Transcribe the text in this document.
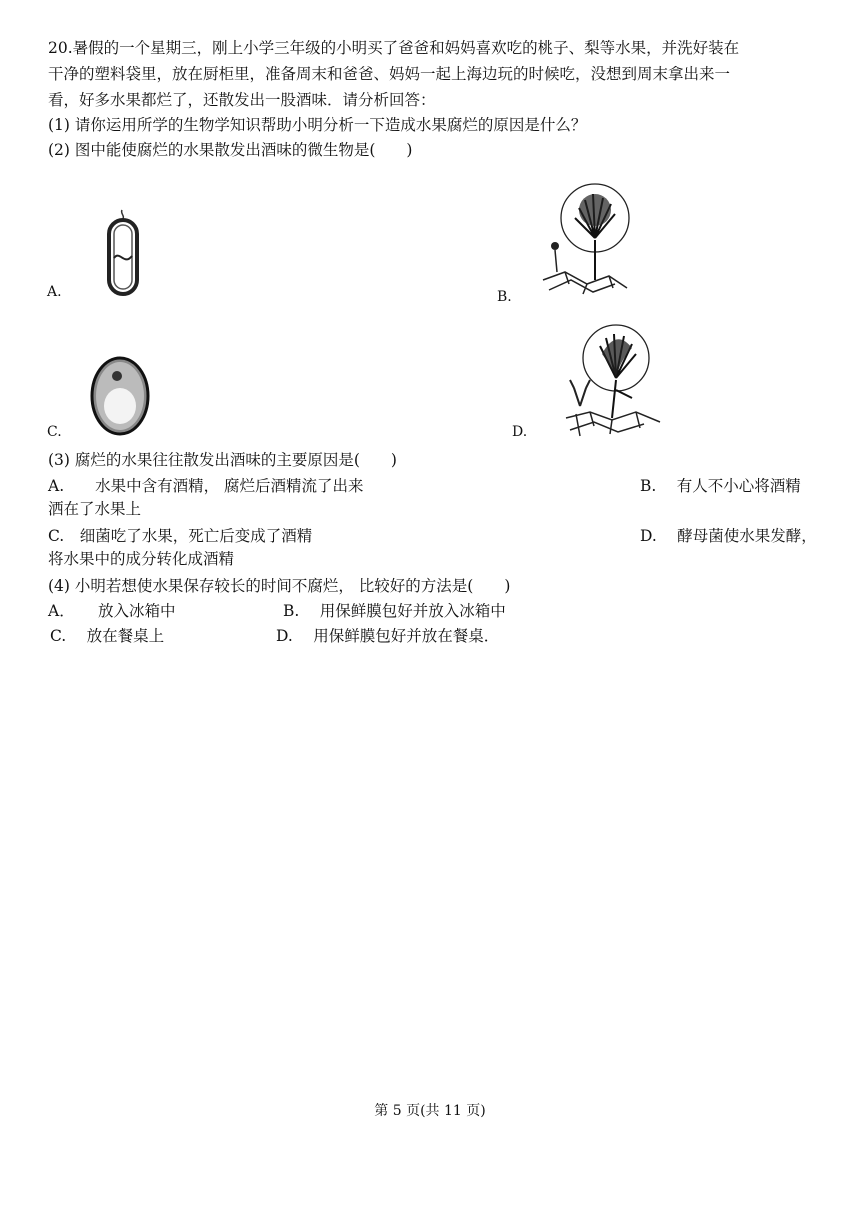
20.暑假的一个星期三，刚上小学三年级的小明买了爸爸和妈妈喜欢吃的桃子、梨等水果，并洗好装在
干净的塑料袋里，放在厨柜里，准备周末和爸爸、妈妈一起上海边玩的时候吃，没想到周末拿出来一
看，好多水果都烂了，还散发出一股酒味．请分析回答：
(1) 请你运用所学的生物学知识帮助小明分析一下造成水果腐烂的原因是什么？
(2) 图中能使腐烂的水果散发出酒味的微生物是(　　)
A.	B.
C.	D.
(3) 腐烂的水果往往散发出酒味的主要原因是(　　)
A.　　水果中含有酒精， 腐烂后酒精流了出来	B.　 有人不小心将酒精
洒在了水果上
C.　细菌吃了水果，死亡后变成了酒精	D.　 酵母菌使水果发酵，
将水果中的成分转化成酒精
(4) 小明若想使水果保存较长的时间不腐烂， 比较好的方法是(　　)
A．　　放入冰箱中	B.　 用保鲜膜包好并放入冰箱中
C.　 放在餐桌上	D.　 用保鲜膜包好并放在餐桌．
第 5 页(共 11 页)
